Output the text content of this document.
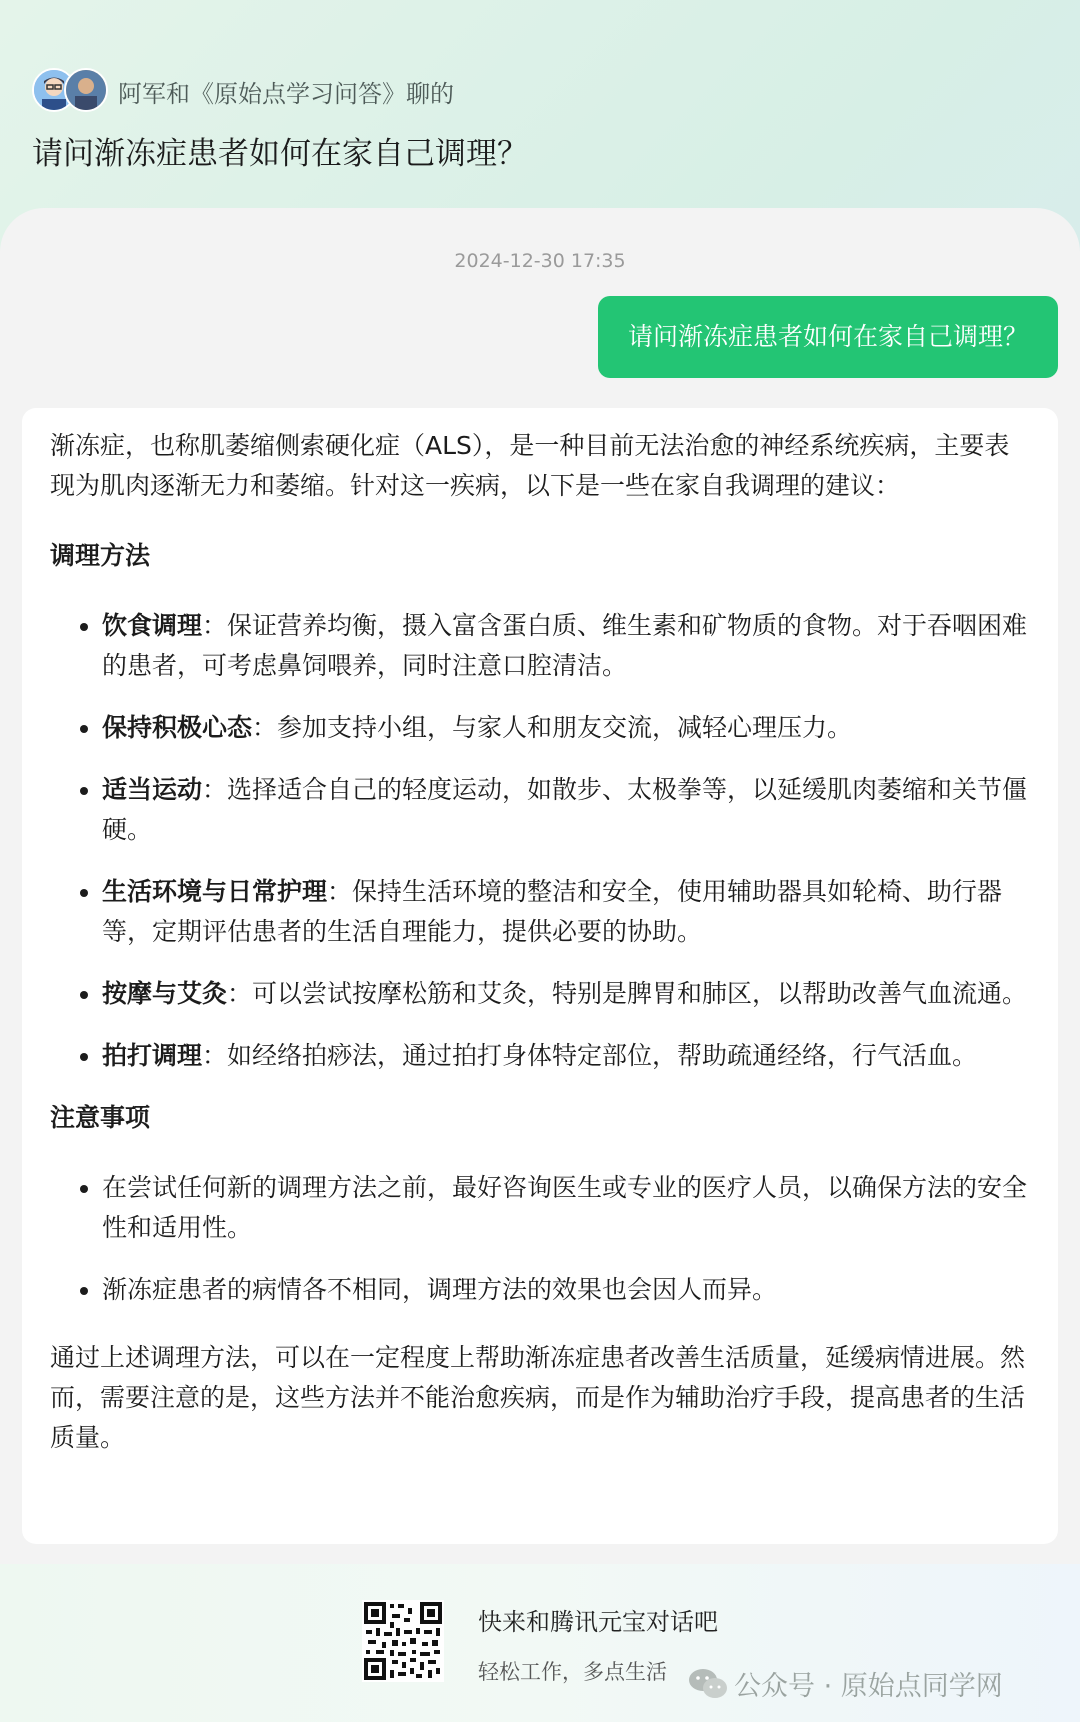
阿军和《原始点学习问答》聊的
请问渐冻症患者如何在家自己调理？
2024-12-30 17:35
请问渐冻症患者如何在家自己调理？

渐冻症，也称肌萎缩侧索硬化症（ALS），是一种目前无法治愈的神经系统疾病，主要表现为肌肉逐渐无力和萎缩。针对这一疾病，以下是一些在家自我调理的建议：

调理方法
• 饮食调理：保证营养均衡，摄入富含蛋白质、维生素和矿物质的食物。对于吞咽困难的患者，可考虑鼻饲喂养，同时注意口腔清洁。
• 保持积极心态：参加支持小组，与家人和朋友交流，减轻心理压力。
• 适当运动：选择适合自己的轻度运动，如散步、太极拳等，以延缓肌肉萎缩和关节僵硬。
• 生活环境与日常护理：保持生活环境的整洁和安全，使用辅助器具如轮椅、助行器等，定期评估患者的生活自理能力，提供必要的协助。
• 按摩与艾灸：可以尝试按摩松筋和艾灸，特别是脾胃和肺区，以帮助改善气血流通。
• 拍打调理：如经络拍痧法，通过拍打身体特定部位，帮助疏通经络，行气活血。
注意事项
• 在尝试任何新的调理方法之前，最好咨询医生或专业的医疗人员，以确保方法的安全性和适用性。
• 渐冻症患者的病情各不相同，调理方法的效果也会因人而异。

通过上述调理方法，可以在一定程度上帮助渐冻症患者改善生活质量，延缓病情进展。然而，需要注意的是，这些方法并不能治愈疾病，而是作为辅助治疗手段，提高患者的生活质量。

快来和腾讯元宝对话吧
轻松工作，多点生活 公众号 · 原始点同学网
